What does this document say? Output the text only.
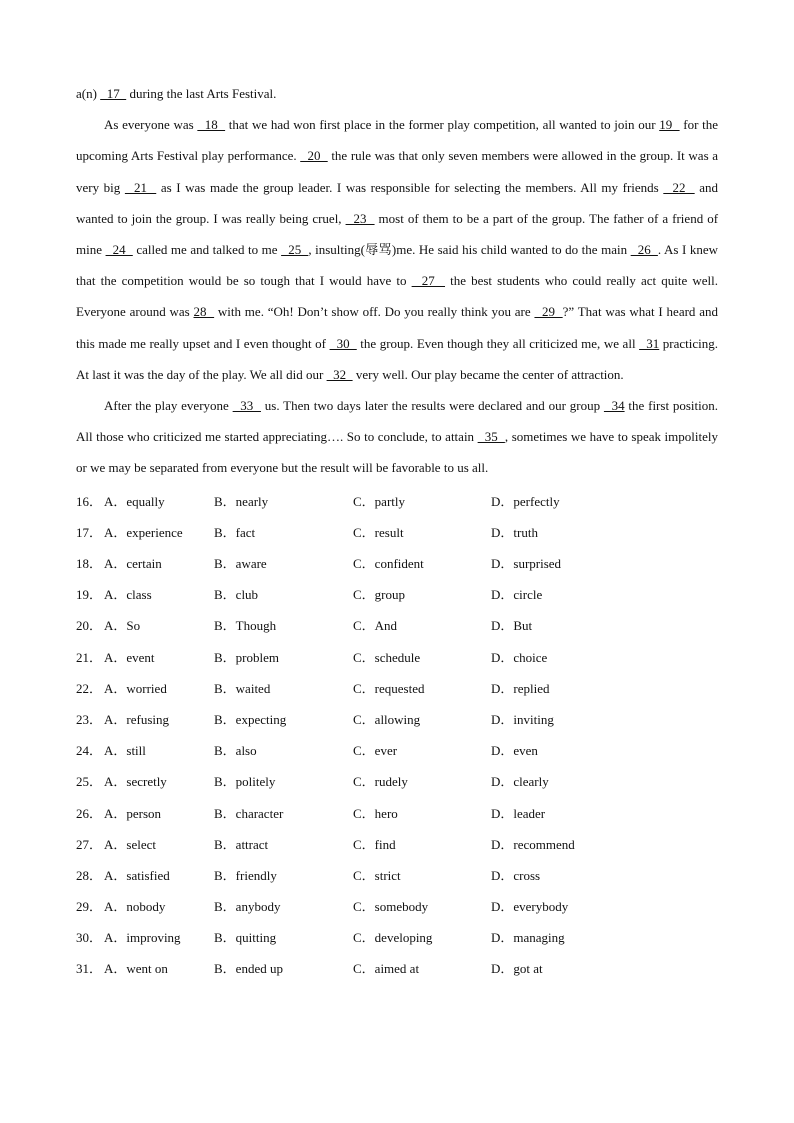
a(n)   17   during the last Arts Festival.

As everyone was   18   that we had won first place in the former play competition, all wanted to join our 19   for the upcoming Arts Festival play performance.   20   the rule was that only seven members were allowed in the group. It was a very big   21   as I was made the group leader. I was responsible for selecting the members. All my friends   22   and wanted to join the group. I was really being cruel,   23   most of them to be a part of the group. The father of a friend of mine   24   called me and talked to me   25  , insulting(辱骂)me. He said his child wanted to do the main   26  . As I knew that the competition would be so tough that I would have to   27   the best students who could really act quite well. Everyone around was 28   with me. “Oh! Don’t show off. Do you really think you are   29  ?” That was what I heard and this made me really upset and I even thought of   30   the group. Even though they all criticized me, we all   31 practicing. At last it was the day of the play. We all did our   32   very well. Our play became the center of attraction.

After the play everyone   33   us. Then two days later the results were declared and our group   34 the first position. All those who criticized me started appreciating…. So to conclude, to attain   35  , sometimes we have to speak impolitely or we may be separated from everyone but the result will be favorable to us all.

16． A．equally	B．nearly	C．partly	D．perfectly
17． A．experience B．fact	C．result	D．truth
18． A．certain	B．aware	C．confident	D．surprised
19． A．class	B．club	C．group	D．circle
20． A．So	B．Though	C．And	D．But
21． A．event	B．problem	C．schedule	D．choice
22． A．worried	B．waited	C．requested	D．replied
23． A．refusing	B．expecting	C．allowing	D．inviting
24． A．still	B．also	C．ever	D．even
25． A．secretly	B．politely	C．rudely	D．clearly
26． A．person	B．character	C．hero	D．leader
27． A．select	B．attract	C．find	D．recommend
28． A．satisfied	B．friendly	C．strict	D．cross
29． A．nobody	B．anybody	C．somebody	D．everybody
30． A．improving	B．quitting	C．developing	D．managing
31． A．went on	B．ended up	C．aimed at	D．got at
